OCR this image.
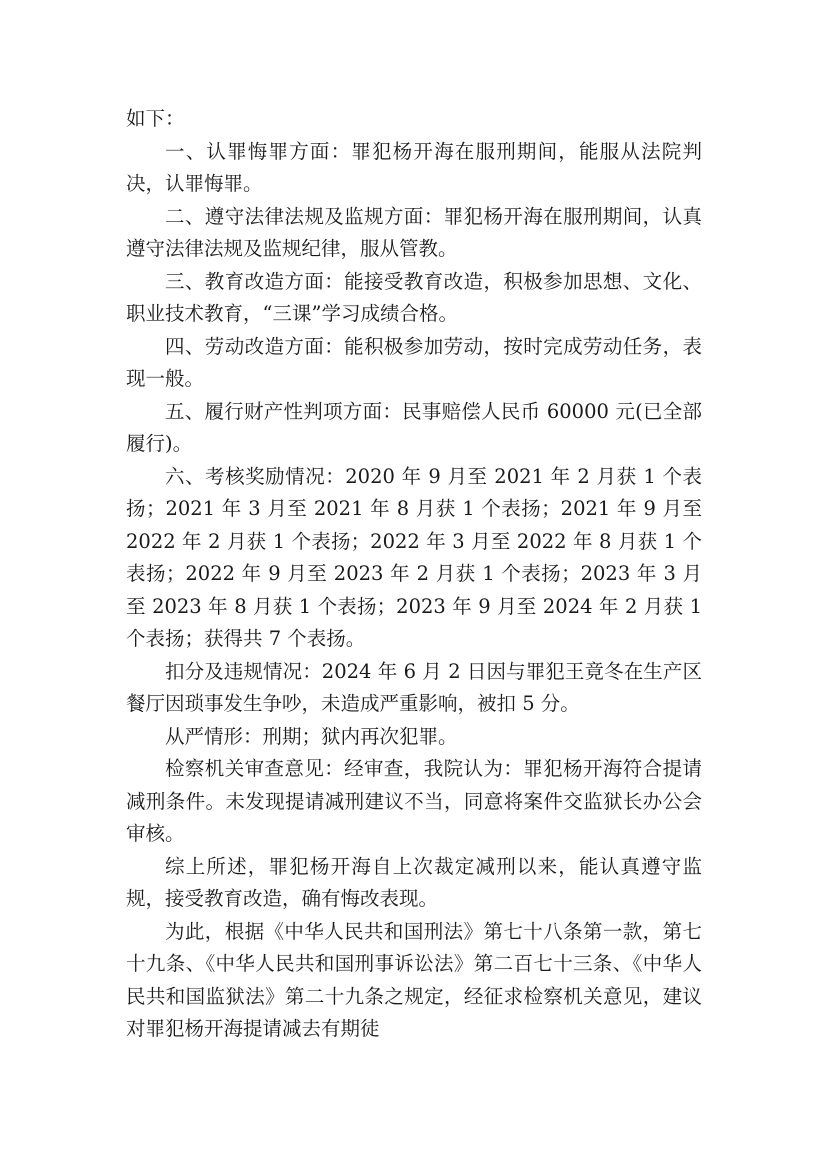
如下：

一、认罪悔罪方面：罪犯杨开海在服刑期间，能服从法院判决，认罪悔罪。

二、遵守法律法规及监规方面：罪犯杨开海在服刑期间，认真遵守法律法规及监规纪律，服从管教。

三、教育改造方面：能接受教育改造，积极参加思想、文化、职业技术教育，“三课”学习成绩合格。

四、劳动改造方面：能积极参加劳动，按时完成劳动任务，表现一般。

五、履行财产性判项方面：民事赔偿人民币 60000 元(已全部履行)。

六、考核奖励情况：2020 年 9 月至 2021 年 2 月获 1 个表扬；2021 年 3 月至 2021 年 8 月获 1 个表扬；2021 年 9 月至 2022 年 2 月获 1 个表扬；2022 年 3 月至 2022 年 8 月获 1 个表扬；2022 年 9 月至 2023 年 2 月获 1 个表扬；2023 年 3 月至 2023 年 8 月获 1 个表扬；2023 年 9 月至 2024 年 2 月获 1 个表扬；获得共 7 个表扬。

扣分及违规情况：2024 年 6 月 2 日因与罪犯王竟冬在生产区餐厅因琐事发生争吵，未造成严重影响，被扣 5 分。

从严情形：刑期；狱内再次犯罪。

检察机关审查意见：经审查，我院认为：罪犯杨开海符合提请减刑条件。未发现提请减刑建议不当，同意将案件交监狱长办公会审核。

综上所述，罪犯杨开海自上次裁定减刑以来，能认真遵守监规，接受教育改造，确有悔改表现。

为此，根据《中华人民共和国刑法》第七十八条第一款，第七十九条、《中华人民共和国刑事诉讼法》第二百七十三条、《中华人民共和国监狱法》第二十九条之规定，经征求检察机关意见，建议对罪犯杨开海提请减去有期徒
